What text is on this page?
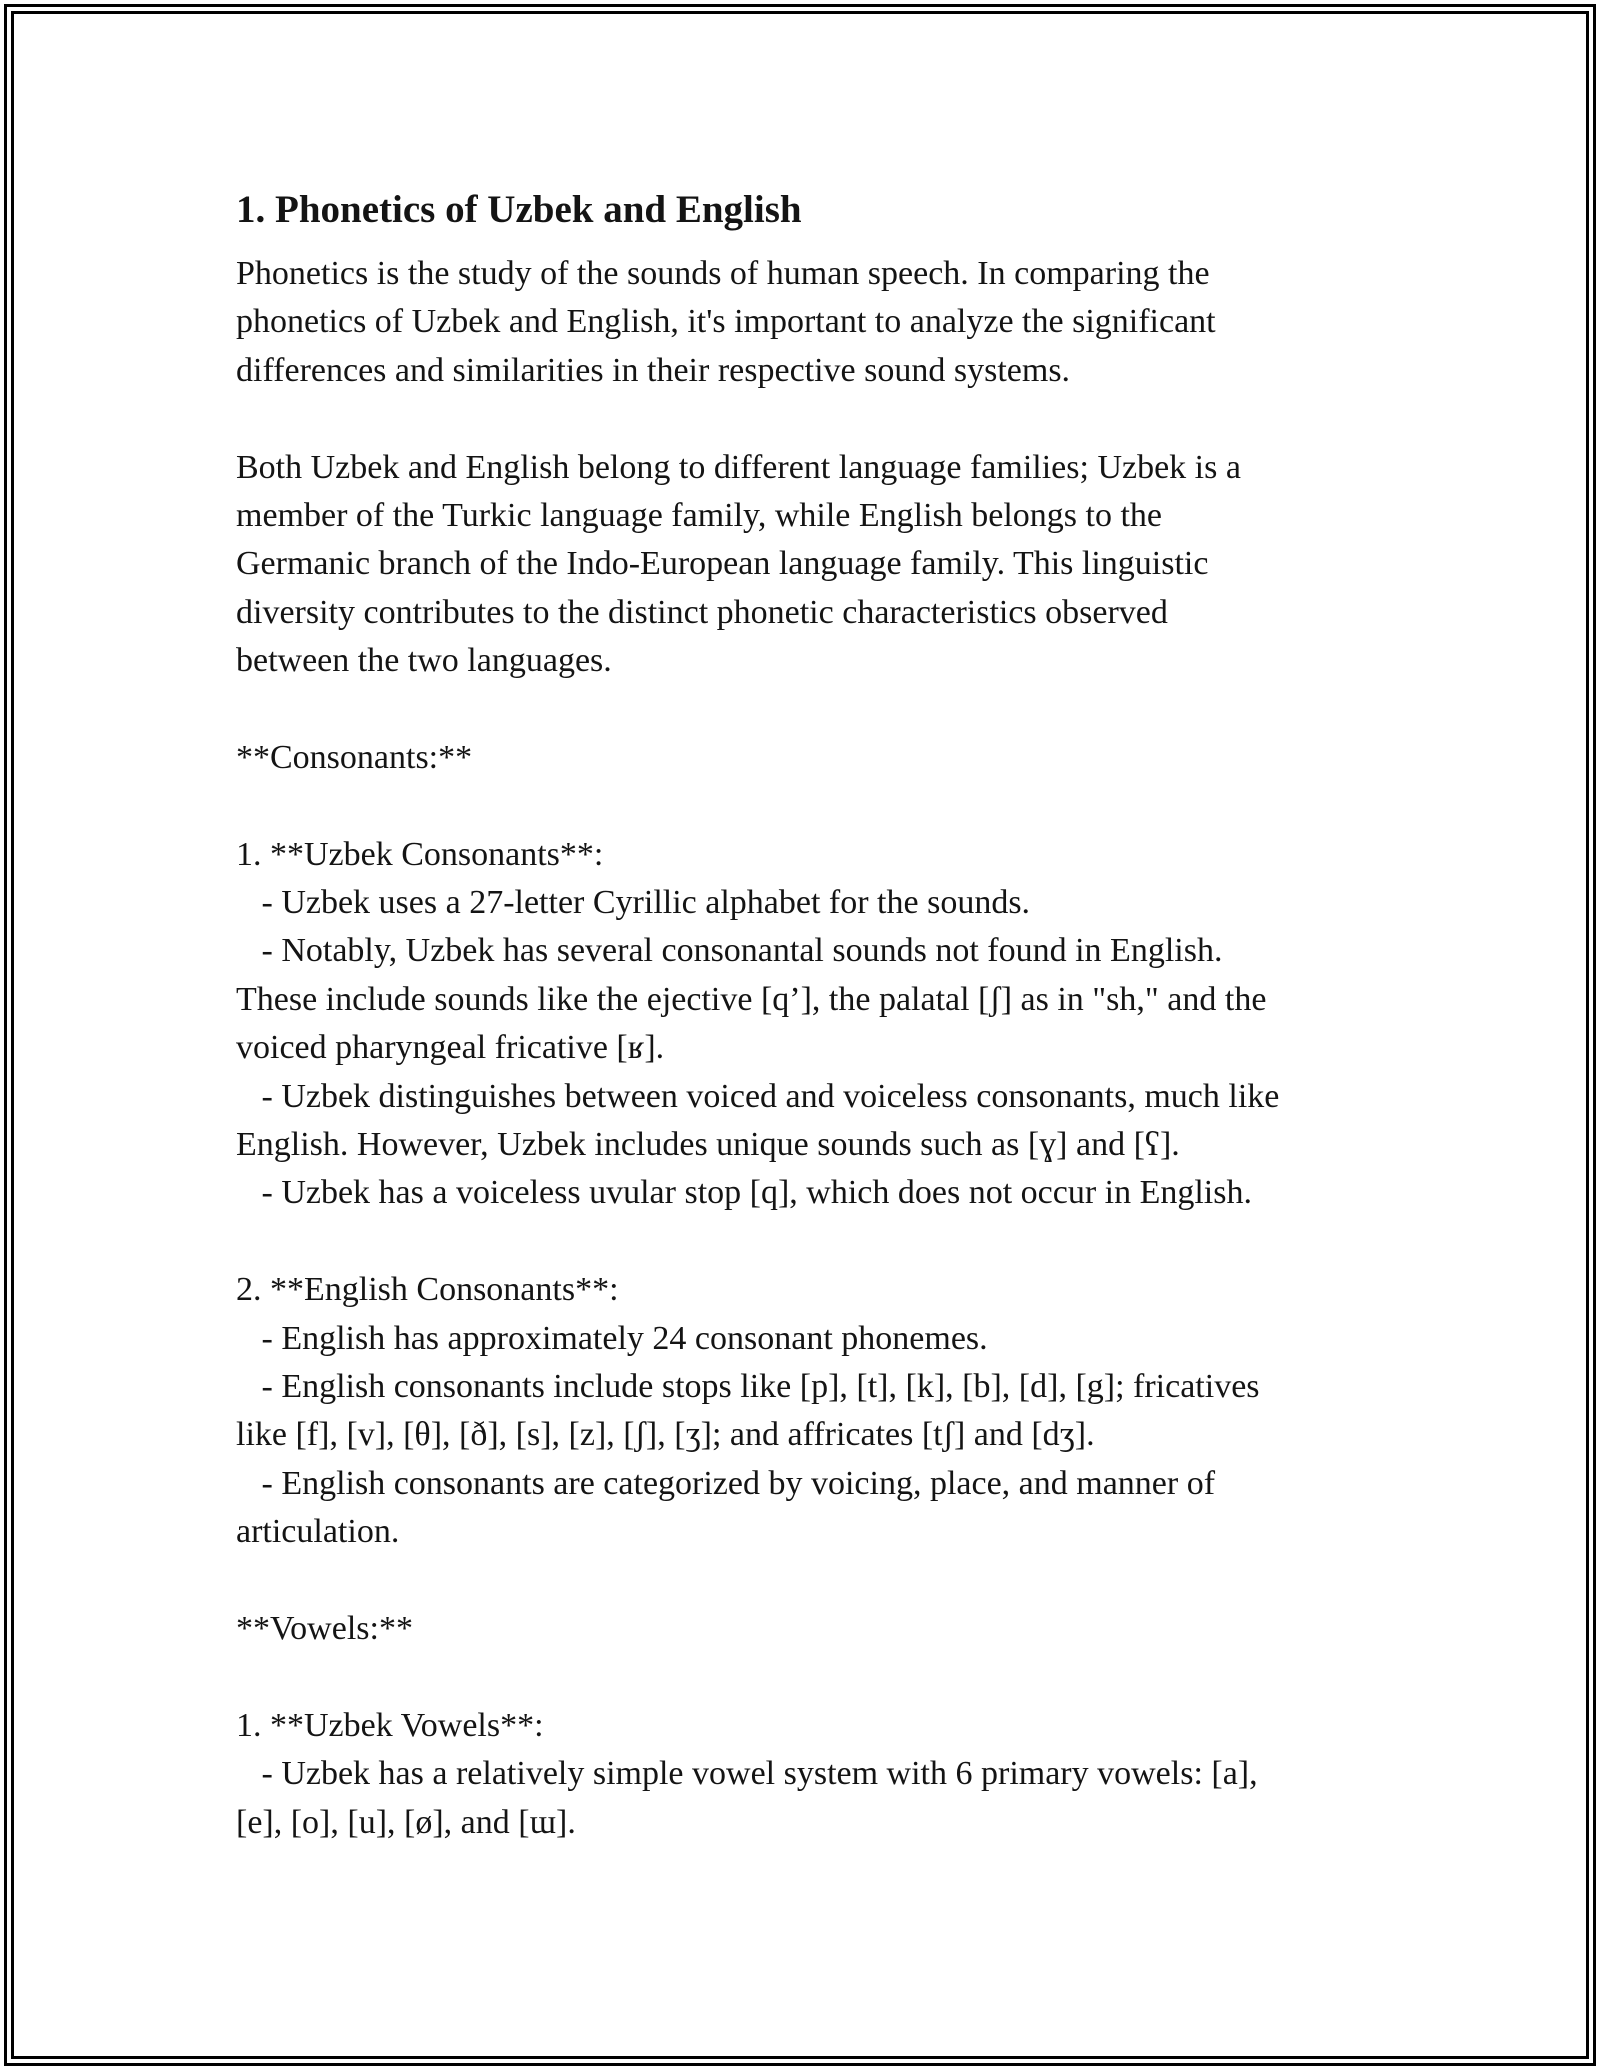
1. Phonetics of Uzbek and English
Phonetics is the study of the sounds of human speech. In comparing the
phonetics of Uzbek and English, it's important to analyze the significant
differences and similarities in their respective sound systems.
Both Uzbek and English belong to different language families; Uzbek is a
member of the Turkic language family, while English belongs to the
Germanic branch of the Indo-European language family. This linguistic
diversity contributes to the distinct phonetic characteristics observed
between the two languages.
**Consonants:**
1. **Uzbek Consonants**:
- Uzbek uses a 27-letter Cyrillic alphabet for the sounds.
- Notably, Uzbek has several consonantal sounds not found in English.
These include sounds like the ejective [q’], the palatal [ʃ] as in "sh," and the
voiced pharyngeal fricative [ʁ].
- Uzbek distinguishes between voiced and voiceless consonants, much like
English. However, Uzbek includes unique sounds such as [ɣ] and [ʕ].
- Uzbek has a voiceless uvular stop [q], which does not occur in English.
2. **English Consonants**:
- English has approximately 24 consonant phonemes.
- English consonants include stops like [p], [t], [k], [b], [d], [g]; fricatives
like [f], [v], [θ], [ð], [s], [z], [ʃ], [ʒ]; and affricates [tʃ] and [dʒ].
- English consonants are categorized by voicing, place, and manner of
articulation.
**Vowels:**
1. **Uzbek Vowels**:
- Uzbek has a relatively simple vowel system with 6 primary vowels: [a],
[e], [o], [u], [ø], and [ɯ].
